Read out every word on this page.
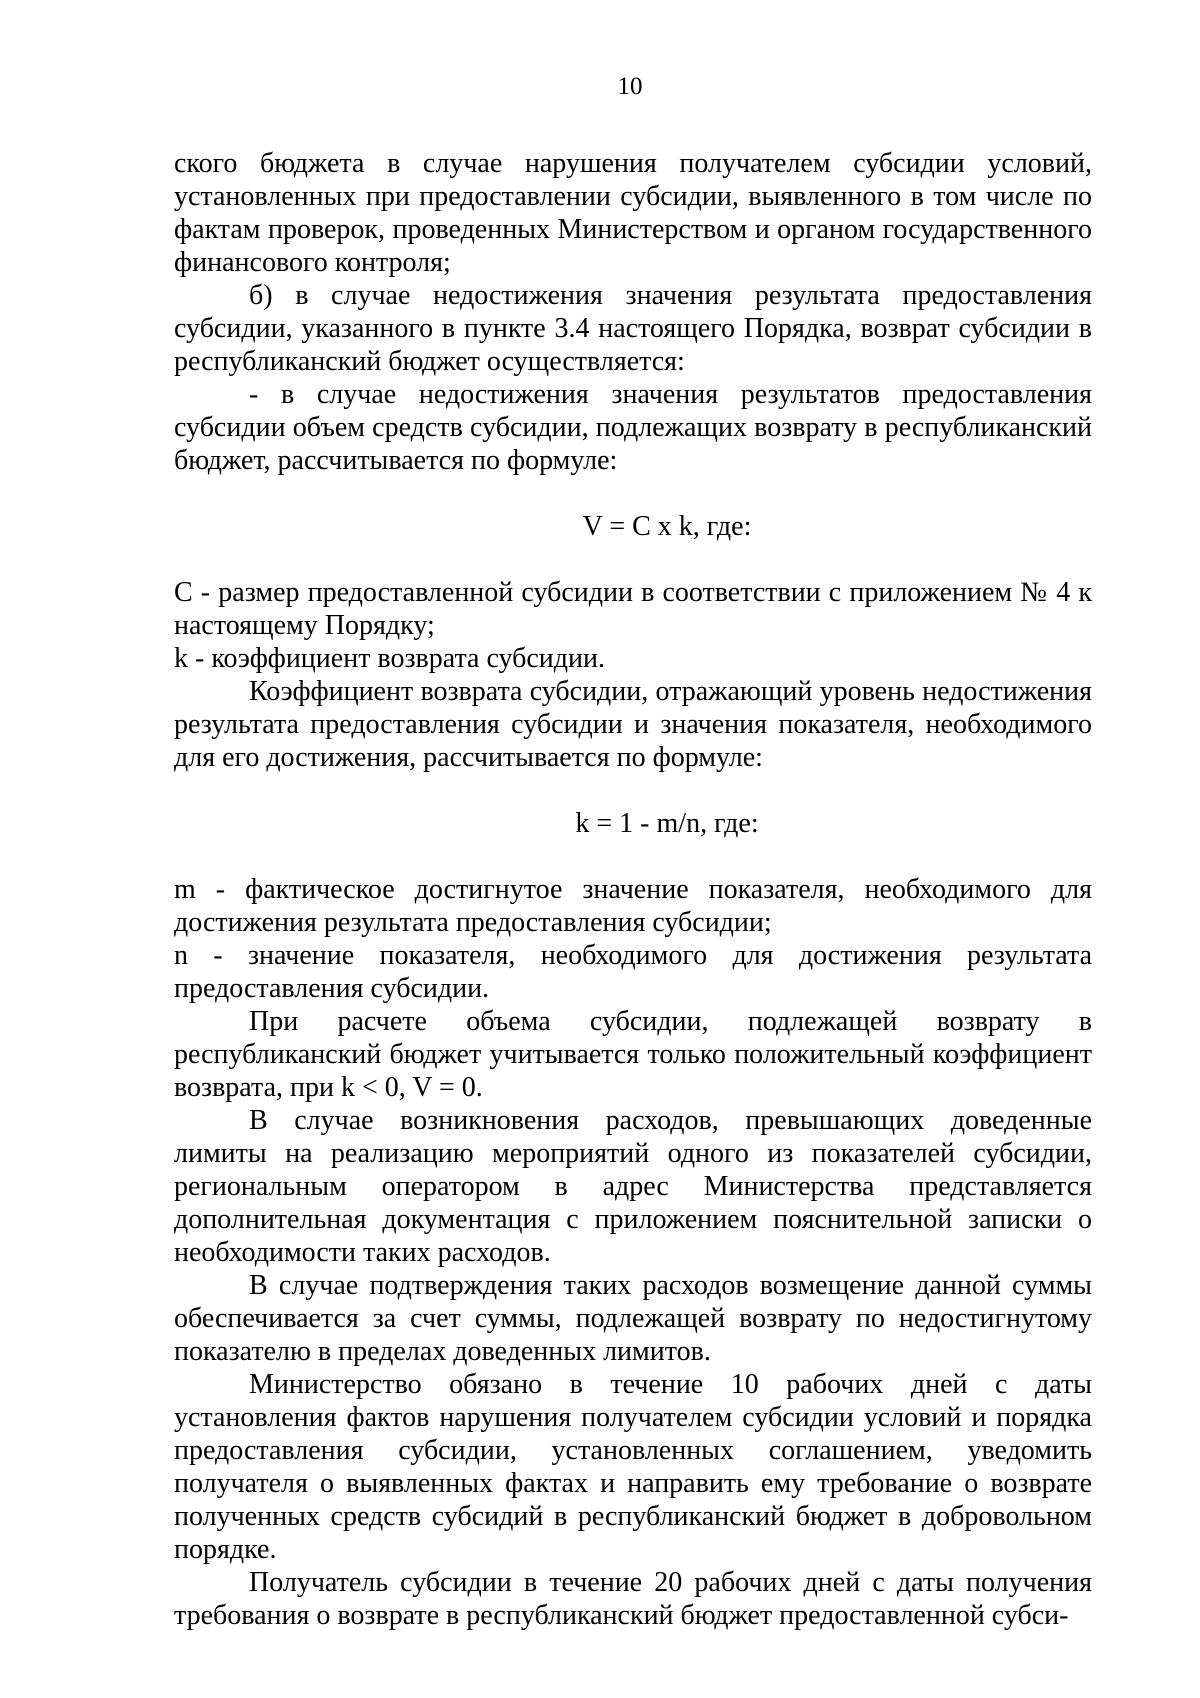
10

ского бюджета в случае нарушения получателем субсидии условий, установленных при предоставлении субсидии, выявленного в том числе по фактам проверок, проведенных Министерством и органом государственного финансового контроля;

б) в случае недостижения значения результата предоставления субсидии, указанного в пункте 3.4 настоящего Порядка, возврат субсидии в республиканский бюджет осуществляется:

- в случае недостижения значения результатов предоставления субсидии объем средств субсидии, подлежащих возврату в республиканский бюджет, рассчитывается по формуле:

V = C x k, где:

C - размер предоставленной субсидии в соответствии с приложением № 4 к настоящему Порядку;

k - коэффициент возврата субсидии.

Коэффициент возврата субсидии, отражающий уровень недостижения результата предоставления субсидии и значения показателя, необходимого для его достижения, рассчитывается по формуле:

k = 1 - m/n, где:

m - фактическое достигнутое значение показателя, необходимого для достижения результата предоставления субсидии;

n - значение показателя, необходимого для достижения результата предоставления субсидии.

При расчете объема субсидии, подлежащей возврату в республиканский бюджет учитывается только положительный коэффициент возврата, при k < 0, V = 0.

В случае возникновения расходов, превышающих доведенные лимиты на реализацию мероприятий одного из показателей субсидии, региональным оператором в адрес Министерства представляется дополнительная документация с приложением пояснительной записки о необходимости таких расходов.

В случае подтверждения таких расходов возмещение данной суммы обеспечивается за счет суммы, подлежащей возврату по недостигнутому показателю в пределах доведенных лимитов.

Министерство обязано в течение 10 рабочих дней с даты установления фактов нарушения получателем субсидии условий и порядка предоставления субсидии, установленных соглашением, уведомить получателя о выявленных фактах и направить ему требование о возврате полученных средств субсидий в республиканский бюджет в добровольном порядке.

Получатель субсидии в течение 20 рабочих дней с даты получения требования о возврате в республиканский бюджет предоставленной субси-
